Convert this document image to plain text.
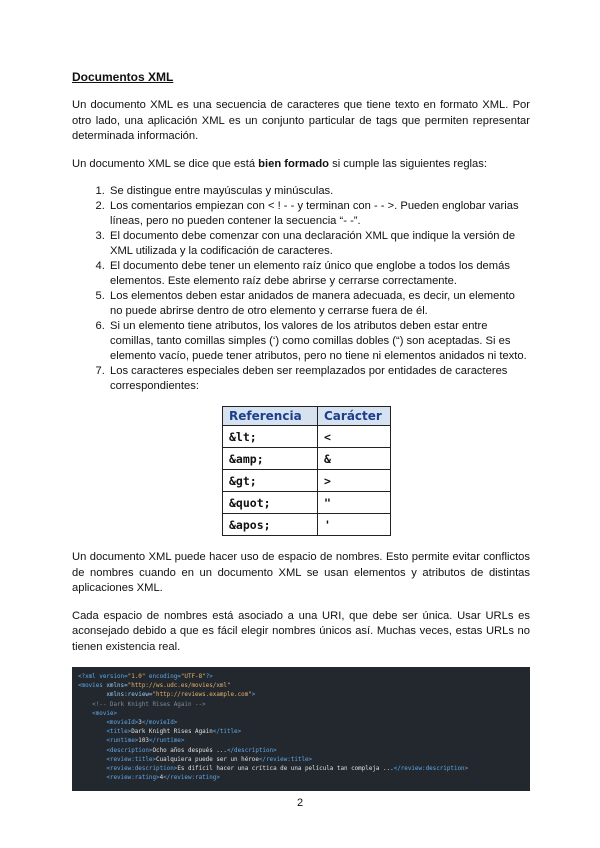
Documentos XML

Un documento XML es una secuencia de caracteres que tiene texto en formato XML. Por otro lado, una aplicación XML es un conjunto particular de tags que permiten representar determinada información.

Un documento XML se dice que está bien formado si cumple las siguientes reglas:

1. Se distingue entre mayúsculas y minúsculas.
2. Los comentarios empiezan con < ! - - y terminan con - - >. Pueden englobar varias líneas, pero no pueden contener la secuencia “- -”.
3. El documento debe comenzar con una declaración XML que indique la versión de XML utilizada y la codificación de caracteres.
4. El documento debe tener un elemento raíz único que englobe a todos los demás elementos. Este elemento raíz debe abrirse y cerrarse correctamente.
5. Los elementos deben estar anidados de manera adecuada, es decir, un elemento no puede abrirse dentro de otro elemento y cerrarse fuera de él.
6. Si un elemento tiene atributos, los valores de los atributos deben estar entre comillas, tanto comillas simples (‘) como comillas dobles (“) son aceptadas. Si es elemento vacío, puede tener atributos, pero no tiene ni elementos anidados ni texto.
7. Los caracteres especiales deben ser reemplazados por entidades de caracteres correspondientes:
Referencia	Carácter
&lt;	<
&amp;	&
&gt;	>
&quot;	"
&apos;	'

Un documento XML puede hacer uso de espacio de nombres. Esto permite evitar conflictos de nombres cuando en un documento XML se usan elementos y atributos de distintas aplicaciones XML.

Cada espacio de nombres está asociado a una URI, que debe ser única. Usar URLs es aconsejado debido a que es fácil elegir nombres únicos así. Muchas veces, estas URLs no tienen existencia real.

<?xml version="1.0" encoding="UTF-8"?>
<movies xmlns="http://ws.udc.es/movies/xml"
xmlns:review="http://reviews.example.com">
<!-- Dark Knight Rises Again -->
<movie>
<movieId>3</movieId>
<title>Dark Knight Rises Again</title>
<runtime>103</runtime>
<description>Ocho años después ...</description>
<review:title>Cualquiera puede ser un héroe</review:title>
<review:description>Es difícil hacer una crítica de una película tan compleja ...</review:description>
<review:rating>4</review:rating>
2
